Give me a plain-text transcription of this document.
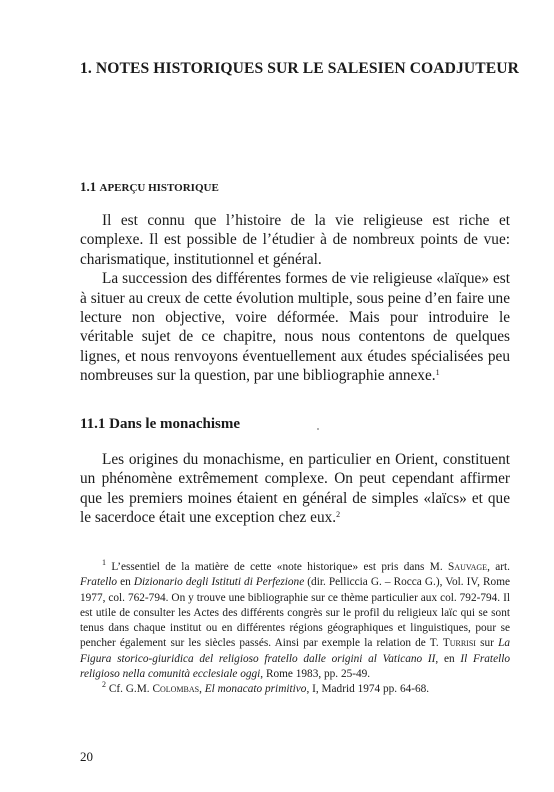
1. NOTES HISTORIQUES SUR LE SALESIEN COADJUTEUR
1.1 APERÇU HISTORIQUE

Il est connu que l’histoire de la vie religieuse est riche et complexe. Il est possible de l’étudier à de nombreux points de vue: charismatique, institutionnel et général.

La succession des différentes formes de vie religieuse «laïque» est à situer au creux de cette évolution multiple, sous peine d’en faire une lecture non objective, voire déformée. Mais pour introduire le véritable sujet de ce chapitre, nous nous contentons de quelques lignes, et nous renvoyons éventuellement aux études spécialisées peu nombreuses sur la question, par une bibliographie annexe.$^1$

11.1 Dans le monachisme

Les origines du monachisme, en particulier en Orient, constituent un phénomène extrêmement complexe. On peut cependant affirmer que les premiers moines étaient en général de simples «laïcs» et que le sacerdoce était une exception chez eux.$^2$

$^1$ L’essentiel de la matière de cette «note historique» est pris dans M. Sauvage, art. Fratello en Dizionario degli Istituti di Perfezione (dir. Pelliccia G. – Rocca G.), Vol. IV, Rome 1977, col. 762-794. On y trouve une bibliographie sur ce thème particulier aux col. 792-794. Il est utile de consulter les Actes des différents congrès sur le profil du religieux laïc qui se sont tenus dans chaque institut ou en différentes régions géographiques et linguistiques, pour se pencher également sur les siècles passés. Ainsi par exemple la relation de T. Turrisi sur La Figura storico-giuridica del religioso fratello dalle origini al Vaticano II, en Il Fratello religioso nella comunità ecclesiale oggi, Rome 1983, pp. 25-49.

$^2$ Cf. G.M. Colombas, El monacato primitivo, I, Madrid 1974 pp. 64-68.

20
